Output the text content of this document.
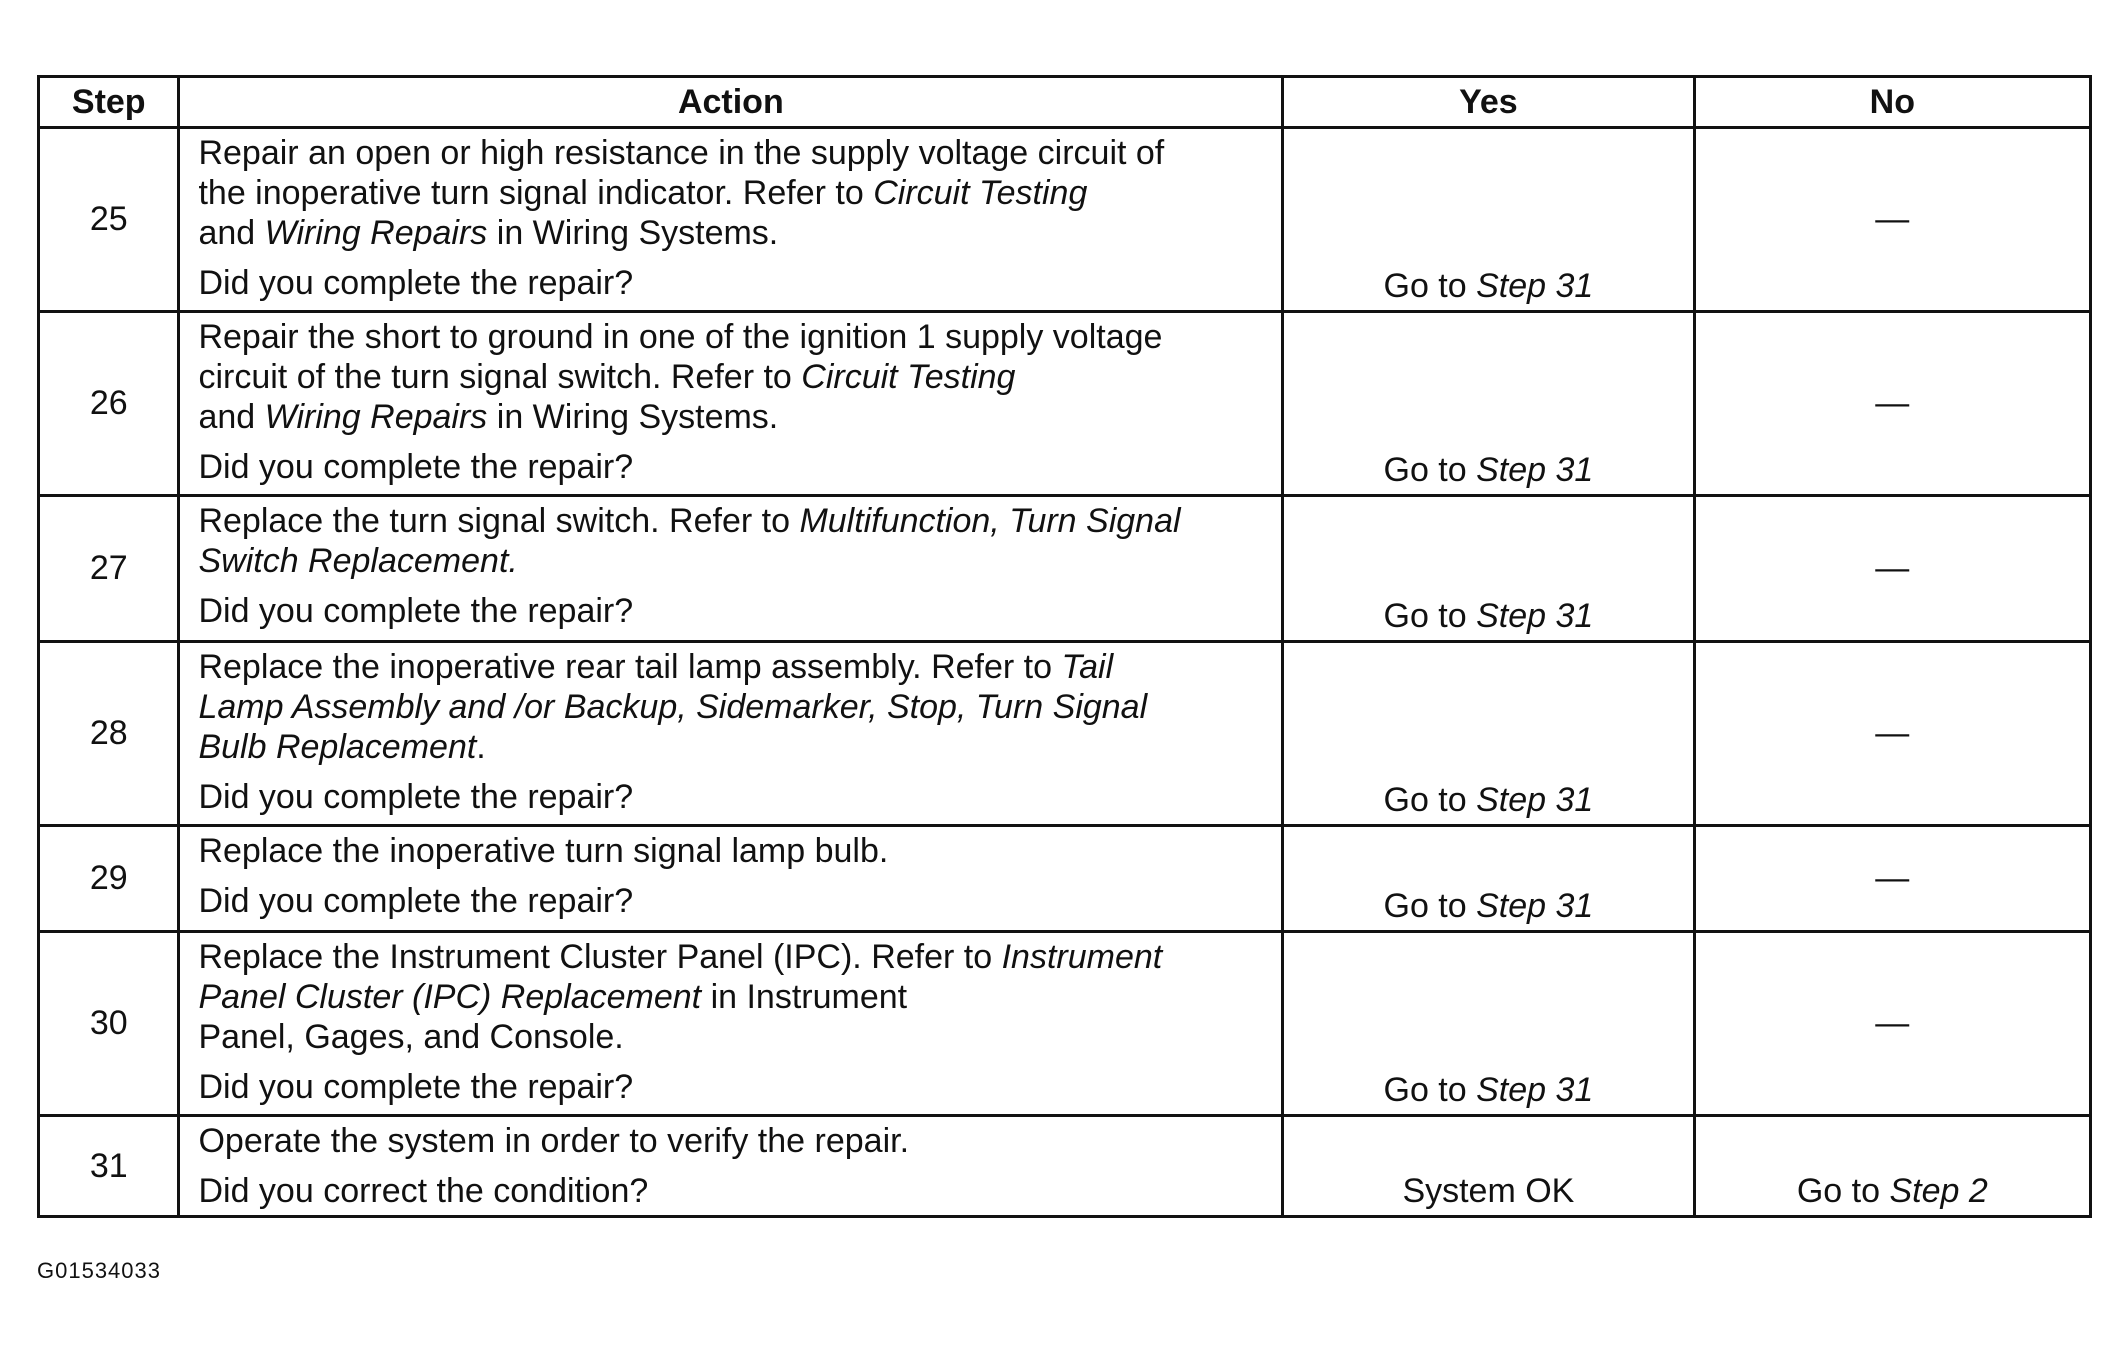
Step	Action	Yes	No
25	Repair an open or high resistance in the supply voltage circuit of
the inoperative turn signal indicator. Refer to Circuit Testing
and Wiring Repairs in Wiring Systems.
Did you complete the repair?	Go to Step 31	—
26	Repair the short to ground in one of the ignition 1 supply voltage
circuit of the turn signal switch. Refer to Circuit Testing
and Wiring Repairs in Wiring Systems.
Did you complete the repair?	Go to Step 31	—
27	Replace the turn signal switch. Refer to Multifunction, Turn Signal
Switch Replacement.
Did you complete the repair?	Go to Step 31	—
28	Replace the inoperative rear tail lamp assembly. Refer to Tail
Lamp Assembly and /or Backup, Sidemarker, Stop, Turn Signal
Bulb Replacement.
Did you complete the repair?	Go to Step 31	—
29	Replace the inoperative turn signal lamp bulb.
Did you complete the repair?	Go to Step 31	—
30	Replace the Instrument Cluster Panel (IPC). Refer to Instrument
Panel Cluster (IPC) Replacement in Instrument
Panel, Gages, and Console.
Did you complete the repair?	Go to Step 31	—
31	Operate the system in order to verify the repair.
Did you correct the condition?	System OK	Go to Step 2
G01534033
